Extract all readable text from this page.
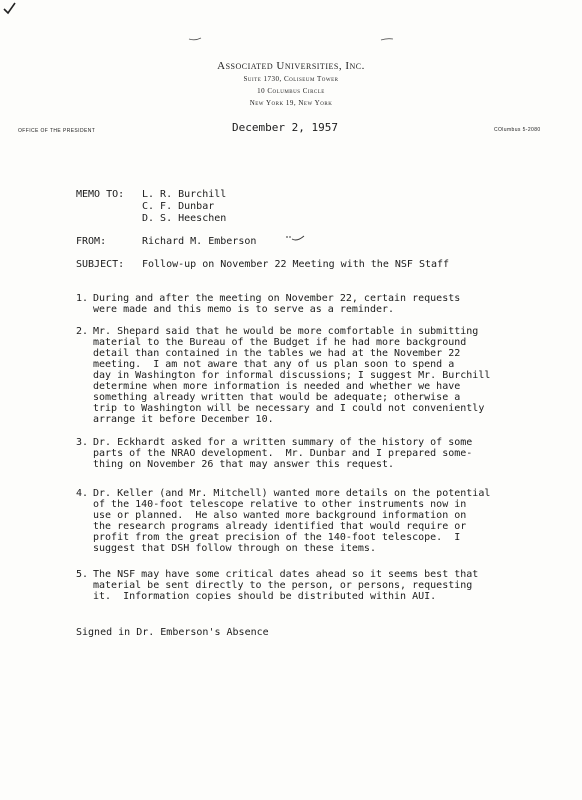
Associated Universities, Inc.
Suite 1730, Coliseum Tower
10 Columbus Circle
New York 19, New York
OFFICE OF THE PRESIDENT	December 2, 1957	COlumbus 5-2080
MEMO TO: L. R. Burchill
C. F. Dunbar
D. S. Heeschen
FROM:	Richard M. Emberson
SUBJECT: Follow-up on November 22 Meeting with the NSF Staff
1. During and after the meeting on November 22, certain requests
were made and this memo is to serve as a reminder.
2. Mr. Shepard said that he would be more comfortable in submitting
material to the Bureau of the Budget if he had more background
detail than contained in the tables we had at the November 22
meeting.  I am not aware that any of us plan soon to spend a
day in Washington for informal discussions; I suggest Mr. Burchill
determine when more information is needed and whether we have
something already written that would be adequate; otherwise a
trip to Washington will be necessary and I could not conveniently
arrange it before December 10.
3. Dr. Eckhardt asked for a written summary of the history of some
parts of the NRAO development.  Mr. Dunbar and I prepared some-
thing on November 26 that may answer this request.
4. Dr. Keller (and Mr. Mitchell) wanted more details on the potential
of the 140-foot telescope relative to other instruments now in
use or planned.  He also wanted more background information on
the research programs already identified that would require or
profit from the great precision of the 140-foot telescope.  I
suggest that DSH follow through on these items.
5. The NSF may have some critical dates ahead so it seems best that
material be sent directly to the person, or persons, requesting
it.  Information copies should be distributed within AUI.
Signed in Dr. Emberson's Absence
